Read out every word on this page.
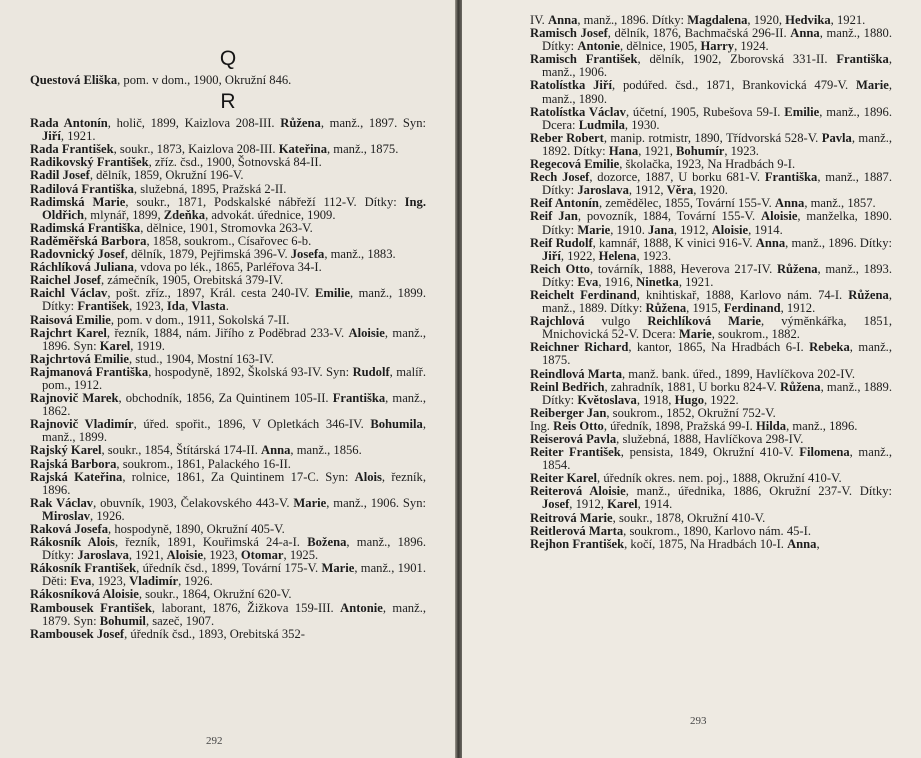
Q

Questová Eliška, pom. v dom., 1900, Okružní 846.

R

Rada Antonín, holič, 1899, Kaizlova 208-III. Růžena, manž., 1897. Syn: Jiří, 1921.

Rada František, soukr., 1873, Kaizlova 208-III. Kateřina, manž., 1875.

Radikovský František, zříz. čsd., 1900, Šotnovská 84-II.

Radil Josef, dělník, 1859, Okružní 196-V.

Radilová Františka, služebná, 1895, Pražská 2-II.

Radimská Marie, soukr., 1871, Podskalské nábřeží 112-V. Dítky: Ing. Oldřich, mlynář, 1899, Zdeňka, advokát. úřednice, 1909.

Radimská Františka, dělnice, 1901, Stromovka 263-V.

Raděměřská Barbora, 1858, soukrom., Císařovec 6-b.

Radovnický Josef, dělník, 1879, Pejřimská 396-V. Josefa, manž., 1883.

Ráchlíková Juliana, vdova po lék., 1865, Parléřova 34-I.

Raichel Josef, zámečník, 1905, Orebitská 379-IV.

Raichl Václav, pošt. zříz., 1897, Král. cesta 240-IV. Emilie, manž., 1899. Dítky: František, 1923, Ida, Vlasta.

Raisová Emilie, pom. v dom., 1911, Sokolská 7-II.

Rajchrt Karel, řezník, 1884, nám. Jiřího z Poděbrad 233-V. Aloisie, manž., 1896. Syn: Karel, 1919.

Rajchrtová Emilie, stud., 1904, Mostní 163-IV.

Rajmanová Františka, hospodyně, 1892, Školská 93-IV. Syn: Rudolf, malíř. pom., 1912.

Rajnovič Marek, obchodník, 1856, Za Quintinem 105-II. Františka, manž., 1862.

Rajnovič Vladimír, úřed. spořit., 1896, V Opletkách 346-IV. Bohumila, manž., 1899.

Rajský Karel, soukr., 1854, Štítárská 174-II. Anna, manž., 1856.

Rajská Barbora, soukrom., 1861, Palackého 16-II.

Rajská Kateřina, rolnice, 1861, Za Quintinem 17-C. Syn: Alois, řezník, 1896.

Rak Václav, obuvník, 1903, Čelakovského 443-V. Marie, manž., 1906. Syn: Miroslav, 1926.

Raková Josefa, hospodyně, 1890, Okružní 405-V.

Rákosník Alois, řezník, 1891, Kouřimská 24-a-I. Božena, manž., 1896. Dítky: Jaroslava, 1921, Aloisie, 1923, Otomar, 1925.

Rákosník František, úředník čsd., 1899, Tovární 175-V. Marie, manž., 1901. Děti: Eva, 1923, Vladimír, 1926.

Rákosníková Aloisie, soukr., 1864, Okružní 620-V.

Rambousek František, laborant, 1876, Žižkova 159-III. Antonie, manž., 1879. Syn: Bohumil, sazeč, 1907.

Rambousek Josef, úředník čsd., 1893, Orebitská 352-

292

IV. Anna, manž., 1896. Dítky: Magdalena, 1920, Hedvika, 1921.

Ramisch Josef, dělník, 1876, Bachmačská 296-II. Anna, manž., 1880. Dítky: Antonie, dělnice, 1905, Harry, 1924.

Ramisch František, dělník, 1902, Zborovská 331-II. Františka, manž., 1906.

Ratolístka Jiří, podúřed. čsd., 1871, Brankovická 479-V. Marie, manž., 1890.

Ratolístka Václav, účetní, 1905, Rubešova 59-I. Emilie, manž., 1896. Dcera: Ludmila, 1930.

Reber Robert, manip. rotmistr, 1890, Třídvorská 528-V. Pavla, manž., 1892. Dítky: Hana, 1921, Bohumír, 1923.

Regecová Emilie, školačka, 1923, Na Hradbách 9-I.

Rech Josef, dozorce, 1887, U borku 681-V. Františka, manž., 1887. Dítky: Jaroslava, 1912, Věra, 1920.

Reif Antonín, zemědělec, 1855, Tovární 155-V. Anna, manž., 1857.

Reif Jan, povozník, 1884, Tovární 155-V. Aloisie, manželka, 1890. Dítky: Marie, 1910. Jana, 1912, Aloisie, 1914.

Reif Rudolf, kamnář, 1888, K vinici 916-V. Anna, manž., 1896. Dítky: Jiří, 1922, Helena, 1923.

Reich Otto, továrník, 1888, Heverova 217-IV. Růžena, manž., 1893. Dítky: Eva, 1916, Ninetka, 1921.

Reichelt Ferdinand, knihtiskař, 1888, Karlovo nám. 74-I. Růžena, manž., 1889. Dítky: Růžena, 1915, Ferdinand, 1912.

Rajchlová vulgo Reichlíková Marie, výměnkářka, 1851, Mnichovická 52-V. Dcera: Marie, soukrom., 1882.

Reichner Richard, kantor, 1865, Na Hradbách 6-I. Rebeka, manž., 1875.

Reindlová Marta, manž. bank. úřed., 1899, Havlíčkova 202-IV.

Reinl Bedřich, zahradník, 1881, U borku 824-V. Růžena, manž., 1889. Dítky: Květoslava, 1918, Hugo, 1922.

Reiberger Jan, soukrom., 1852, Okružní 752-V.

Ing. Reis Otto, úředník, 1898, Pražská 99-I. Hilda, manž., 1896.

Reiserová Pavla, služebná, 1888, Havlíčkova 298-IV.

Reiter František, pensista, 1849, Okružní 410-V. Filomena, manž., 1854.

Reiter Karel, úředník okres. nem. poj., 1888, Okružní 410-V.

Reiterová Aloisie, manž., úřednika, 1886, Okružní 237-V. Dítky: Josef, 1912, Karel, 1914.

Reitrová Marie, soukr., 1878, Okružní 410-V.

Reitlerová Marta, soukrom., 1890, Karlovo nám. 45-I.

Rejhon František, kočí, 1875, Na Hradbách 10-I. Anna,

293
